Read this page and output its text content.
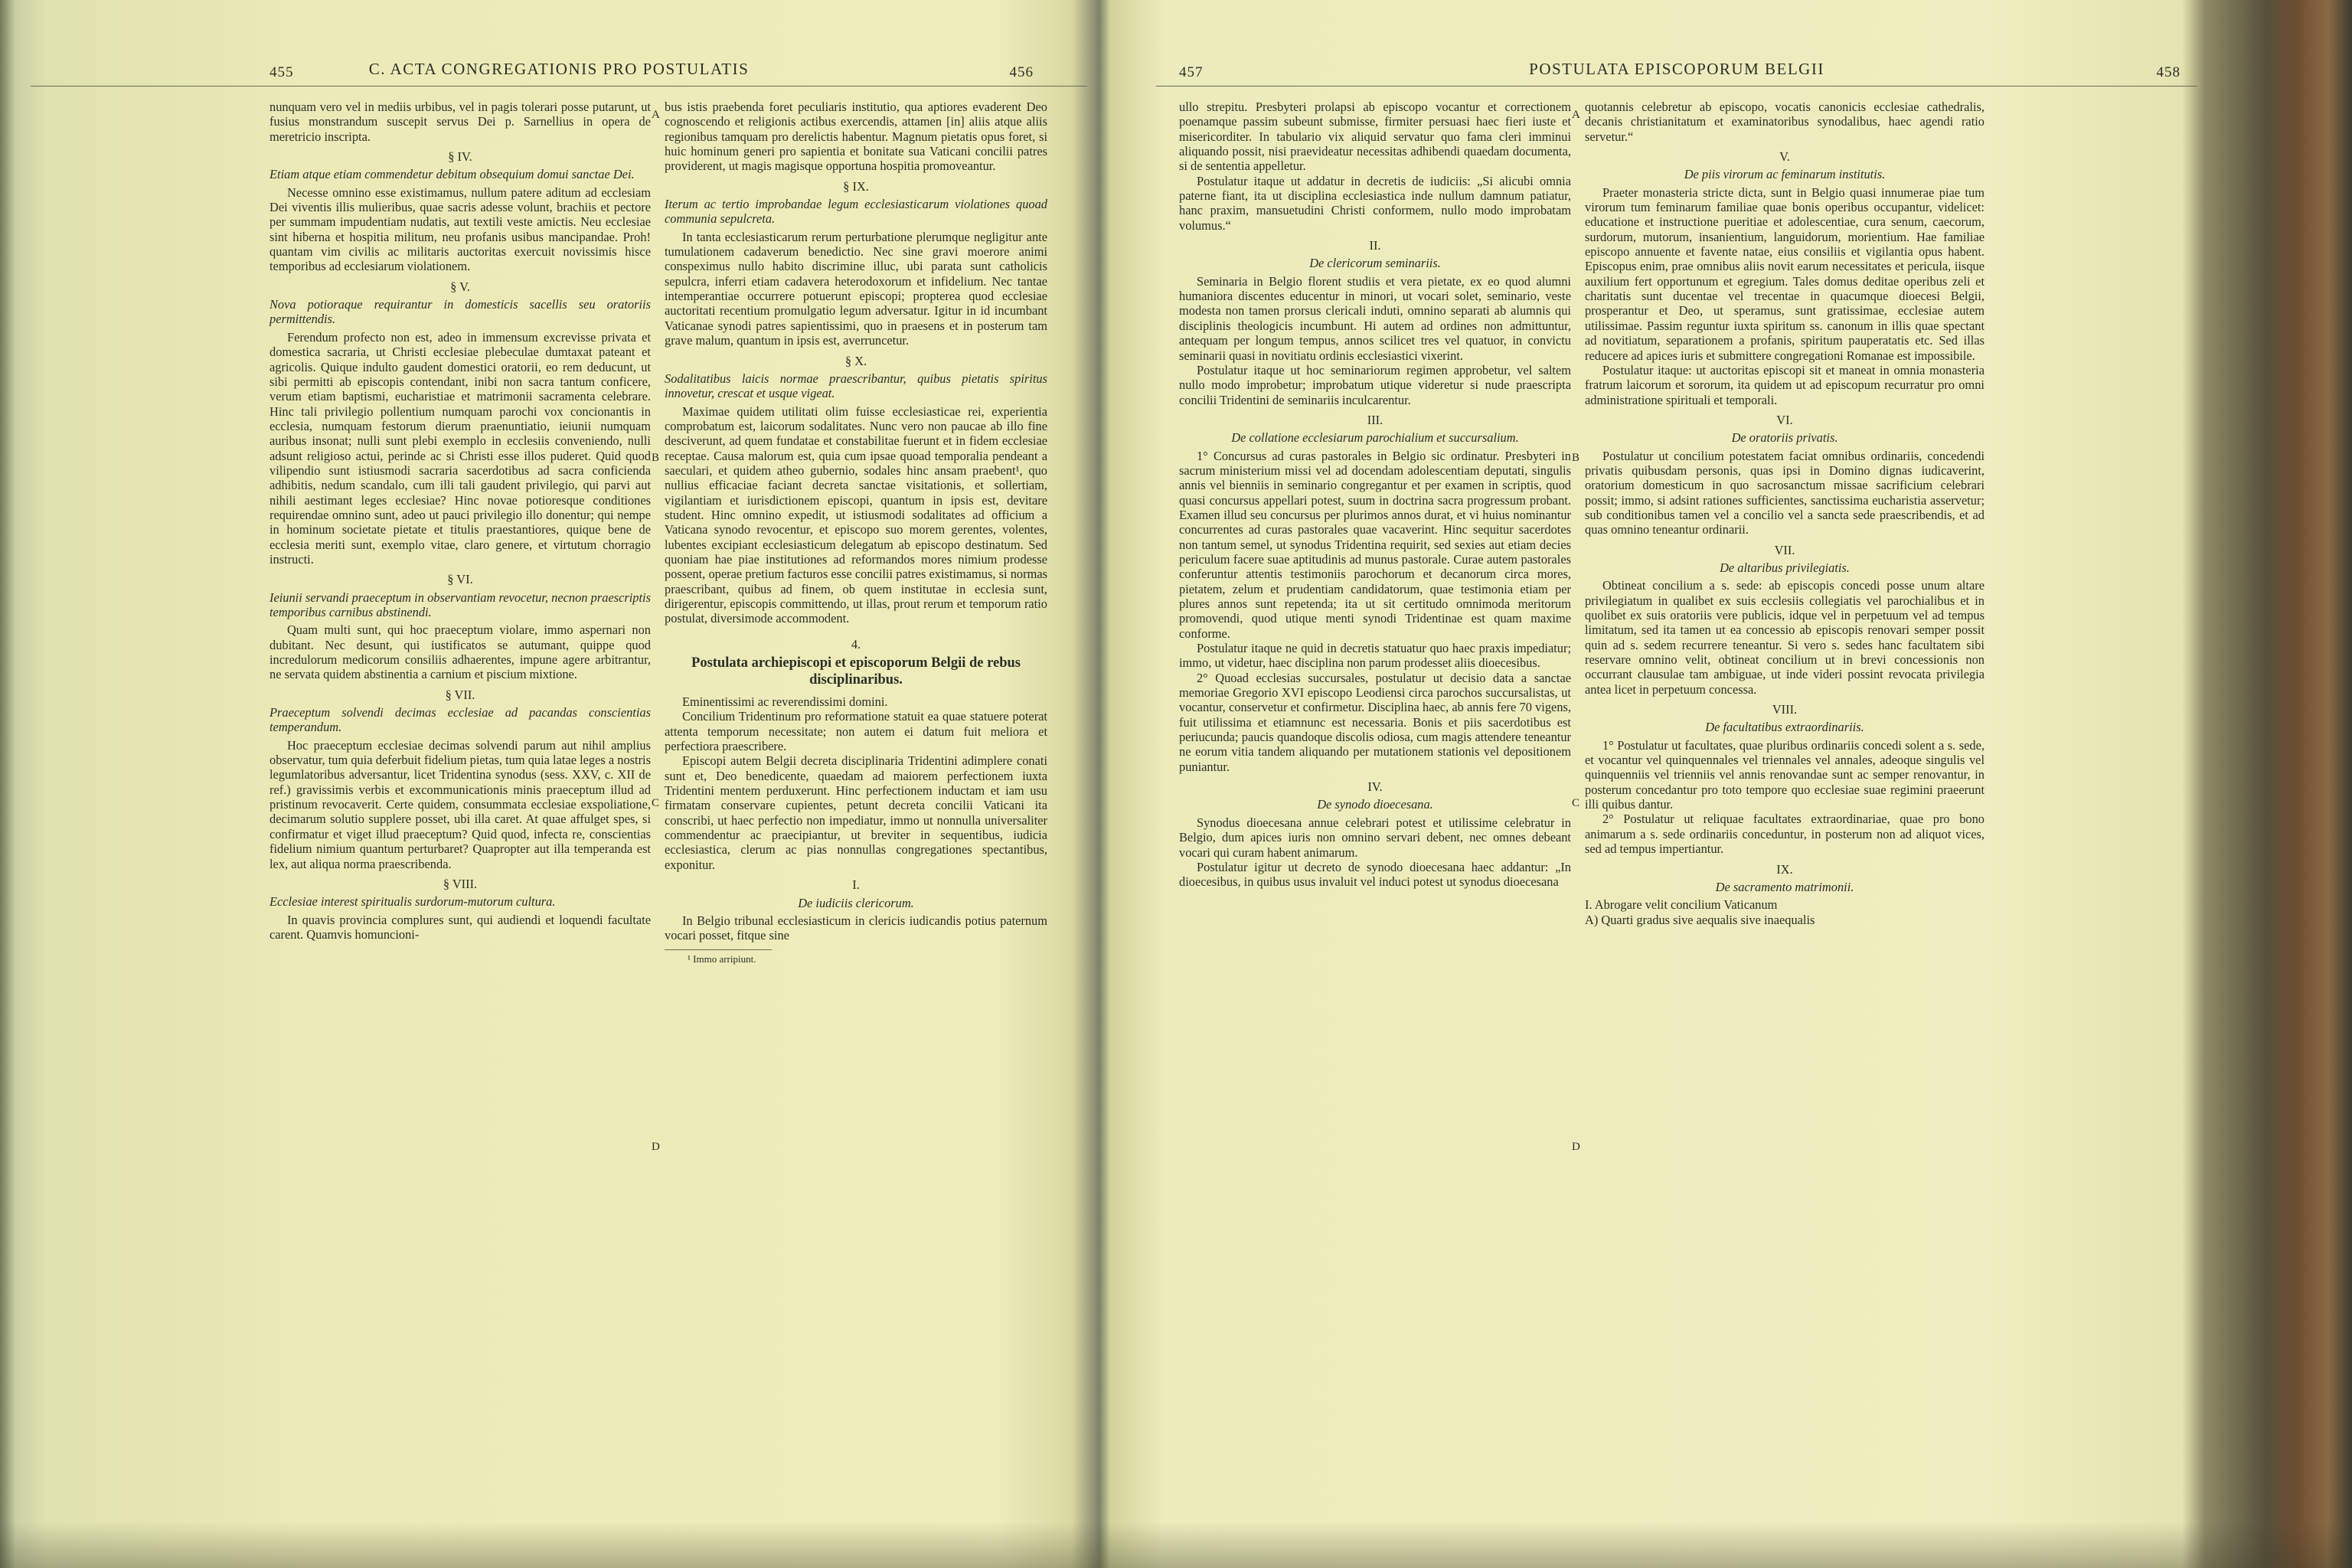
455	C. ACTA CONGREGATIONIS PRO POSTULATIS	456

nunquam vero vel in mediis urbibus, vel in pagis tolerari posse putarunt, ut fusius monstrandum suscepit servus Dei p. Sarnellius in opera de meretricio inscripta.

§ IV.
Etiam atque etiam commendetur debitum obsequium domui sanctae Dei.

Necesse omnino esse existimamus, nullum patere aditum ad ecclesiam Dei viventis illis mulieribus, quae sacris adesse volunt, brachiis et pectore per summam impudentiam nudatis, aut textili veste amictis. Neu ecclesiae sint hiberna et hospitia militum, neu profanis usibus mancipandae. Proh! quantam vim civilis ac militaris auctoritas exercuit novissimis hisce temporibus ad ecclesiarum violationem.

§ V.
Nova potioraque requirantur in domesticis sacellis seu oratoriis permittendis.

Ferendum profecto non est, adeo in immensum excrevisse privata et domestica sacraria, ut Christi ecclesiae plebeculae dumtaxat pateant et agricolis. Quique indulto gaudent domestici oratorii, eo rem deducunt, ut sibi permitti ab episcopis contendant, inibi non sacra tantum conficere, verum etiam baptismi, eucharistiae et matrimonii sacramenta celebrare. Hinc tali privilegio pollentium numquam parochi vox concionantis in ecclesia, numquam festorum dierum praenuntiatio, ieiunii numquam auribus insonat; nulli sunt plebi exemplo in ecclesiis conveniendo, nulli adsunt religioso actui, perinde ac si Christi esse illos puderet. Quid quod vilipendio sunt istiusmodi sacraria sacerdotibus ad sacra conficienda adhibitis, nedum scandalo, cum illi tali gaudent privilegio, qui parvi aut nihili aestimant leges ecclesiae? Hinc novae potioresque conditiones requirendae omnino sunt, adeo ut pauci privilegio illo donentur; qui nempe in hominum societate pietate et titulis praestantiores, quique bene de ecclesia meriti sunt, exemplo vitae, claro genere, et virtutum chorragio instructi.

§ VI.
Ieiunii servandi praeceptum in observantiam revocetur, necnon praescriptis temporibus carnibus abstinendi.

Quam multi sunt, qui hoc praeceptum violare, immo aspernari non dubitant. Nec desunt, qui iustificatos se autumant, quippe quod incredulorum medicorum consiliis adhaerentes, impune agere arbitrantur, ne servata quidem abstinentia a carnium et piscium mixtione.

§ VII.
Praeceptum solvendi decimas ecclesiae ad pacandas conscientias temperandum.

Hoc praeceptum ecclesiae decimas solvendi parum aut nihil amplius observatur, tum quia deferbuit fidelium pietas, tum quia latae leges a nostris legumlatoribus adversantur, licet Tridentina synodus (sess. XXV, c. XII de ref.) gravissimis verbis et excommunicationis minis praeceptum illud ad pristinum revocaverit. Certe quidem, consummata ecclesiae exspoliatione, decimarum solutio supplere posset, ubi illa caret. At quae affulget spes, si confirmatur et viget illud praeceptum? Quid quod, infecta re, conscientias fidelium nimium quantum perturbaret? Quapropter aut illa temperanda est lex, aut aliqua norma praescribenda.

§ VIII.
Ecclesiae interest spiritualis surdorum-mutorum cultura.

In quavis provincia complures sunt, qui audiendi et loquendi facultate carent. Quamvis homuncioni-

bus istis praebenda foret peculiaris institutio, qua aptiores evaderent Deo cognoscendo et religionis actibus exercendis, attamen [in] aliis atque aliis regionibus tamquam pro derelictis habentur. Magnum pietatis opus foret, si huic hominum generi pro sapientia et bonitate sua Vaticani concilii patres providerent, ut magis magisque opportuna hospitia promoveantur.

§ IX.
Iterum ac tertio improbandae legum ecclesiasticarum violationes quoad communia sepulcreta.

In tanta ecclesiasticarum rerum perturbatione plerumque negligitur ante tumulationem cadaverum benedictio. Nec sine gravi moerore animi conspeximus nullo habito discrimine illuc, ubi parata sunt catholicis sepulcra, inferri etiam cadavera heterodoxorum et infidelium. Nec tantae intemperantiae occurrere potuerunt episcopi; propterea quod ecclesiae auctoritati recentium promulgatio legum adversatur. Igitur in id incumbant Vaticanae synodi patres sapientissimi, quo in praesens et in posterum tam grave malum, quantum in ipsis est, averruncetur.

§ X.
Sodalitatibus laicis normae praescribantur, quibus pietatis spiritus innovetur, crescat et usque vigeat.

Maximae quidem utilitati olim fuisse ecclesiasticae rei, experientia comprobatum est, laicorum sodalitates. Nunc vero non paucae ab illo fine desciverunt, ad quem fundatae et constabilitae fuerunt et in fidem ecclesiae receptae. Causa malorum est, quia cum ipsae quoad temporalia pendeant a saeculari, et quidem atheo gubernio, sodales hinc ansam praebent¹, quo nullius efficaciae faciant decreta sanctae visitationis, et sollertiam, vigilantiam et iurisdictionem episcopi, quantum in ipsis est, devitare student. Hinc omnino expedit, ut istiusmodi sodalitates ad officium a Vaticana synodo revocentur, et episcopo suo morem gerentes, volentes, lubentes excipiant ecclesiasticum delegatum ab episcopo destinatum. Sed quoniam hae piae institutiones ad reformandos mores nimium prodesse possent, operae pretium facturos esse concilii patres existimamus, si normas praescribant, quibus ad finem, ob quem institutae in ecclesia sunt, dirigerentur, episcopis committendo, ut illas, prout rerum et temporum ratio postulat, diversimode accommodent.

4.
Postulata archiepiscopi et episcoporum Belgii de rebus disciplinaribus.

Eminentissimi ac reverendissimi domini.

Concilium Tridentinum pro reformatione statuit ea quae statuere poterat attenta temporum necessitate; non autem ei datum fuit meliora et perfectiora praescribere.

Episcopi autem Belgii decreta disciplinaria Tridentini adimplere conati sunt et, Deo benedicente, quaedam ad maiorem perfectionem iuxta Tridentini mentem perduxerunt. Hinc perfectionem inductam et iam usu firmatam conservare cupientes, petunt decreta concilii Vaticani ita conscribi, ut haec perfectio non impediatur, immo ut nonnulla universaliter commendentur ac praecipiantur, ut breviter in sequentibus, iudicia ecclesiastica, clerum ac pias nonnullas congregationes spectantibus, exponitur.

I.
De iudiciis clericorum.

In Belgio tribunal ecclesiasticum in clericis iudicandis potius paternum vocari posset, fitque sine

¹ Immo arripiunt.
A
B
C
D
457	POSTULATA EPISCOPORUM BELGII	458

ullo strepitu. Presbyteri prolapsi ab episcopo vocantur et correctionem poenamque passim subeunt submisse, firmiter persuasi haec fieri iuste et misericorditer. In tabulario vix aliquid servatur quo fama cleri imminui aliquando possit, nisi praevideatur necessitas adhibendi quaedam documenta, si de sententia appelletur.

Postulatur itaque ut addatur in decretis de iudiciis: „Si alicubi omnia paterne fiant, ita ut disciplina ecclesiastica inde nullum damnum patiatur, hanc praxim, mansuetudini Christi conformem, nullo modo improbatam volumus.“

II.
De clericorum seminariis.

Seminaria in Belgio florent studiis et vera pietate, ex eo quod alumni humaniora discentes educentur in minori, ut vocari solet, seminario, veste modesta non tamen prorsus clericali induti, omnino separati ab alumnis qui disciplinis theologicis incumbunt. Hi autem ad ordines non admittuntur, antequam per longum tempus, annos scilicet tres vel quatuor, in convictu seminarii quasi in novitiatu ordinis ecclesiastici vixerint.

Postulatur itaque ut hoc seminariorum regimen approbetur, vel saltem nullo modo improbetur; improbatum utique videretur si nude praescripta concilii Tridentini de seminariis inculcarentur.

III.
De collatione ecclesiarum parochialium et succursalium.

1° Concursus ad curas pastorales in Belgio sic ordinatur. Presbyteri in sacrum ministerium missi vel ad docendam adolescentiam deputati, singulis annis vel bienniis in seminario congregantur et per examen in scriptis, quod quasi concursus appellari potest, suum in doctrina sacra progressum probant. Examen illud seu concursus per plurimos annos durat, et vi huius nominantur concurrentes ad curas pastorales quae vacaverint. Hinc sequitur sacerdotes non tantum semel, ut synodus Tridentina requirit, sed sexies aut etiam decies periculum facere suae aptitudinis ad munus pastorale. Curae autem pastorales conferuntur attentis testimoniis parochorum et decanorum circa mores, pietatem, zelum et prudentiam candidatorum, quae testimonia etiam per plures annos sunt repetenda; ita ut sit certitudo omnimoda meritorum promovendi, quod utique menti synodi Tridentinae est quam maxime conforme.

Postulatur itaque ne quid in decretis statuatur quo haec praxis impediatur; immo, ut videtur, haec disciplina non parum prodesset aliis dioecesibus.

2° Quoad ecclesias succursales, postulatur ut decisio data a sanctae memoriae Gregorio XVI episcopo Leodiensi circa parochos succursalistas, ut vocantur, conservetur et confirmetur. Disciplina haec, ab annis fere 70 vigens, fuit utilissima et etiamnunc est necessaria. Bonis et piis sacerdotibus est periucunda; paucis quandoque discolis odiosa, cum magis attendere teneantur ne eorum vitia tandem aliquando per mutationem stationis vel depositionem puniantur.

IV.
De synodo dioecesana.

Synodus dioecesana annue celebrari potest et utilissime celebratur in Belgio, dum apices iuris non omnino servari debent, nec omnes debeant vocari qui curam habent animarum.

Postulatur igitur ut decreto de synodo dioecesana haec addantur: „In dioecesibus, in quibus usus invaluit vel induci potest ut synodus dioecesana

quotannis celebretur ab episcopo, vocatis canonicis ecclesiae cathedralis, decanis christianitatum et examinatoribus synodalibus, haec agendi ratio servetur.“

V.
De piis virorum ac feminarum institutis.

Praeter monasteria stricte dicta, sunt in Belgio quasi innumerae piae tum virorum tum feminarum familiae quae bonis operibus occupantur, videlicet: educatione et instructione pueritiae et adolescentiae, cura senum, caecorum, surdorum, mutorum, insanientium, languidorum, morientium. Hae familiae episcopo annuente et favente natae, eius consiliis et vigilantia opus habent. Episcopus enim, prae omnibus aliis novit earum necessitates et pericula, iisque auxilium fert opportunum et egregium. Tales domus deditae operibus zeli et charitatis sunt ducentae vel trecentae in quacumque dioecesi Belgii, prosperantur et Deo, ut speramus, sunt gratissimae, ecclesiae autem utilissimae. Passim reguntur iuxta spiritum ss. canonum in illis quae spectant ad novitiatum, separationem a profanis, spiritum pauperatatis etc. Sed illas reducere ad apices iuris et submittere congregationi Romanae est impossibile.

Postulatur itaque: ut auctoritas episcopi sit et maneat in omnia monasteria fratrum laicorum et sororum, ita quidem ut ad episcopum recurratur pro omni administratione spirituali et temporali.

VI.
De oratoriis privatis.

Postulatur ut concilium potestatem faciat omnibus ordinariis, concedendi privatis quibusdam personis, quas ipsi in Domino dignas iudicaverint, oratorium domesticum in quo sacrosanctum missae sacrificium celebrari possit; immo, si adsint rationes sufficientes, sanctissima eucharistia asservetur; sub conditionibus tamen vel a concilio vel a sancta sede praescribendis, et ad quas omnino teneantur ordinarii.

VII.
De altaribus privilegiatis.

Obtineat concilium a s. sede: ab episcopis concedi posse unum altare privilegiatum in qualibet ex suis ecclesiis collegiatis vel parochialibus et in quolibet ex suis oratoriis vere publicis, idque vel in perpetuum vel ad tempus limitatum, sed ita tamen ut ea concessio ab episcopis renovari semper possit quin ad s. sedem recurrere teneantur. Si vero s. sedes hanc facultatem sibi reservare omnino velit, obtineat concilium ut in brevi concessionis non occurrant clausulae tam ambiguae, ut inde videri possint revocata privilegia antea licet in perpetuum concessa.

VIII.
De facultatibus extraordinariis.

1° Postulatur ut facultates, quae pluribus ordinariis concedi solent a s. sede, et vocantur vel quinquennales vel triennales vel annales, adeoque singulis vel quinquenniis vel trienniis vel annis renovandae sunt ac semper renovantur, in posterum concedantur pro toto tempore quo ecclesiae suae regimini praeerunt illi quibus dantur.

2° Postulatur ut reliquae facultates extraordinariae, quae pro bono animarum a s. sede ordinariis conceduntur, in posterum non ad aliquot vices, sed ad tempus impertiantur.

IX.
De sacramento matrimonii.

I. Abrogare velit concilium Vaticanum

A) Quarti gradus sive aequalis sive inaequalis

A
B
C
D
